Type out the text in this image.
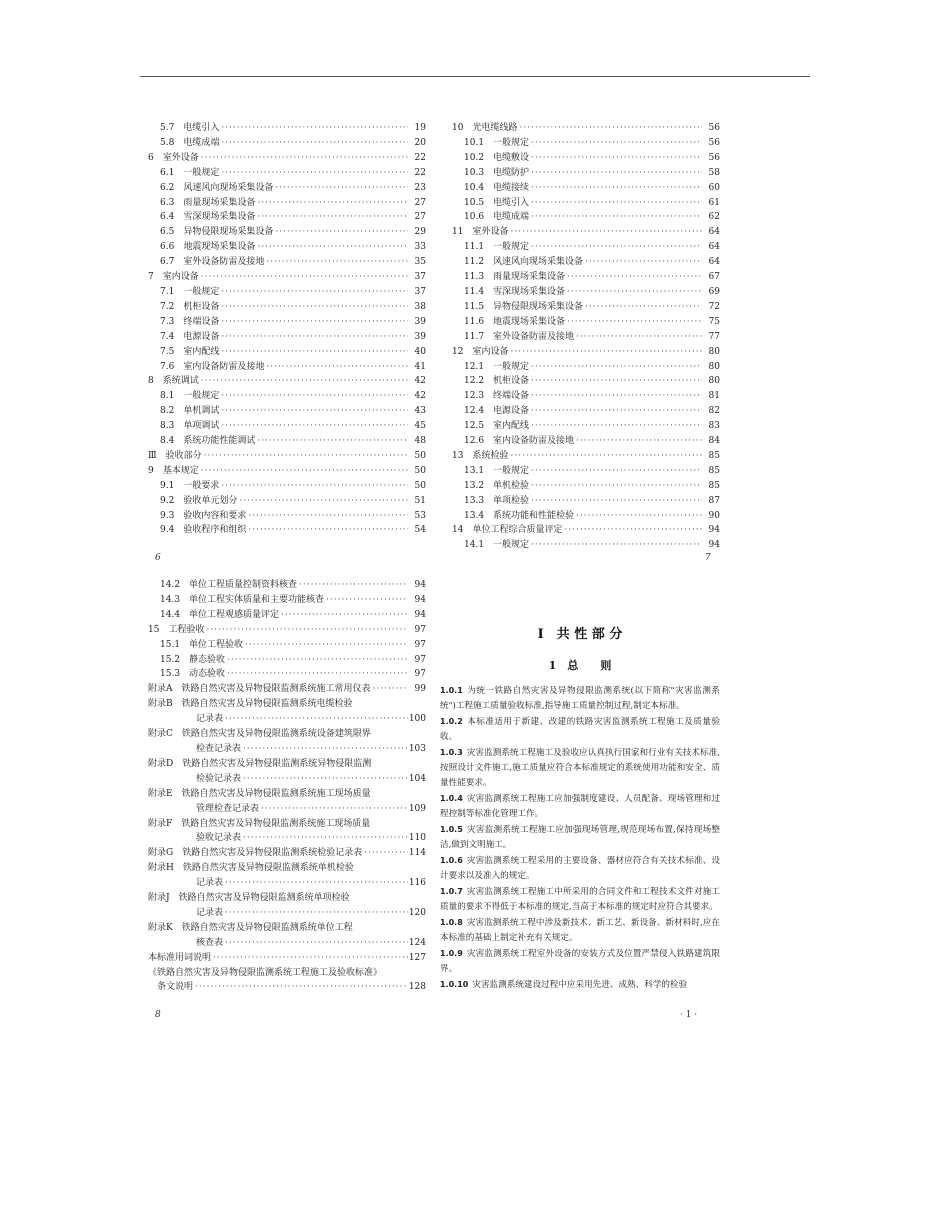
5.7　电缆引入 ·····	19
5.8　电缆成端 ·····	20
6　室外设备 ·····	22
6.1　一般规定 ·····	22
6.2　风速风向现场采集设备 ·····	23
6.3　雨量现场采集设备 ·····	27
6.4　雪深现场采集设备 ·····	27
6.5　异物侵限现场采集设备 ·····	29
6.6　地震现场采集设备 ·····	33
6.7　室外设备防雷及接地 ·····	35
7　室内设备 ·····	37
7.1　一般规定 ·····	37
7.2　机柜设备 ·····	38
7.3　终端设备 ·····	39
7.4　电源设备 ·····	39
7.5　室内配线 ·····	40
7.6　室内设备防雷及接地 ·····	41
8　系统调试 ·····	42
8.1　一般规定 ·····	42
8.2　单机调试 ·····	43
8.3　单项调试 ·····	45
8.4　系统功能性能调试 ·····	48
Ⅲ　验收部分 ·····	50
9　基本规定 ·····	50
9.1　一般要求 ·····	50
9.2　验收单元划分 ·····	51
9.3　验收内容和要求 ·····	53
9.4　验收程序和组织 ·····	54
6
10　光电缆线路 ·····	56
10.1　一般规定 ·····	56
10.2　电缆敷设 ·····	56
10.3　电缆防护 ·····	58
10.4　电缆接续 ·····	60
10.5　电缆引入 ·····	61
10.6　电缆成端 ·····	62
11　室外设备 ·····	64
11.1　一般规定 ·····	64
11.2　风速风向现场采集设备 ·····	64
11.3　雨量现场采集设备 ·····	67
11.4　雪深现场采集设备 ·····	69
11.5　异物侵限现场采集设备 ·····	72
11.6　地震现场采集设备 ·····	75
11.7　室外设备防雷及接地 ·····	77
12　室内设备 ·····	80
12.1　一般规定 ·····	80
12.2　机柜设备 ·····	80
12.3　终端设备 ·····	81
12.4　电源设备 ·····	82
12.5　室内配线 ·····	83
12.6　室内设备防雷及接地 ·····	84
13　系统检验 ·····	85
13.1　一般规定 ·····	85
13.2　单机检验 ·····	85
13.3　单项检验 ·····	87
13.4　系统功能和性能检验 ·····	90
14　单位工程综合质量评定 ·····	94
14.1　一般规定 ·····	94
7
14.2　单位工程质量控制资料核查 ·····	94
14.3　单位工程实体质量和主要功能核查 ·····	94
14.4　单位工程观感质量评定 ·····	94
15　工程验收 ·····	97
15.1　单位工程验收 ·····	97
15.2　静态验收 ·····	97
15.3　动态验收 ·····	97
附录A　铁路自然灾害及异物侵限监测系统施工常用仪表 ·····	99
附录B　铁路自然灾害及异物侵限监测系统电缆检验
　　　　记录表 ·····	100
附录C　铁路自然灾害及异物侵限监测系统设备建筑限界
　　　　检查记录表 ·····	103
附录D　铁路自然灾害及异物侵限监测系统异物侵限监测
　　　　检验记录表 ·····	104
附录E　铁路自然灾害及异物侵限监测系统施工现场质量
　　　　管理检查记录表 ·····	109
附录F　铁路自然灾害及异物侵限监测系统施工现场质量
　　　　验收记录表 ·····	110
附录G　铁路自然灾害及异物侵限监测系统检验记录表 ·····	114
附录H　铁路自然灾害及异物侵限监测系统单机检验
　　　　记录表 ·····	116
附录J　铁路自然灾害及异物侵限监测系统单项检验
　　　　记录表 ·····	120
附录K　铁路自然灾害及异物侵限监测系统单位工程
　　　　核查表 ·····	124
本标准用词说明 ·····	127
《铁路自然灾害及异物侵限监测系统工程施工及验收标准》
　条文说明 ·····	128
8
Ⅰ　共 性 部 分
1　总　　则

1.0.1 为统一铁路自然灾害及异物侵限监测系统(以下简称"灾害监测系统")工程施工质量验收标准,指导施工质量控制过程,制定本标准。

1.0.2 本标准适用于新建、改建的铁路灾害监测系统工程施工及质量验收。

1.0.3 灾害监测系统工程施工及验收应认真执行国家和行业有关技术标准,按照设计文件施工,施工质量应符合本标准规定的系统使用功能和安全、质量性能要求。

1.0.4 灾害监测系统工程施工应加强制度建设、人员配备、现场管理和过程控制等标准化管理工作。

1.0.5 灾害监测系统工程施工应加强现场管理,规范现场布置,保持现场整洁,做到文明施工。

1.0.6 灾害监测系统工程采用的主要设备、器材应符合有关技术标准、设计要求以及准入的规定。

1.0.7 灾害监测系统工程施工中所采用的合同文件和工程技术文件对施工质量的要求不得低于本标准的规定,当高于本标准的规定时应符合其要求。

1.0.8 灾害监测系统工程中涉及新技术、新工艺、新设备、新材料时,应在本标准的基础上制定补充有关规定。

1.0.9 灾害监测系统工程室外设备的安装方式及位置严禁侵入铁路建筑限界。

1.0.10 灾害监测系统建设过程中应采用先进、成熟、科学的检验

· 1 ·
